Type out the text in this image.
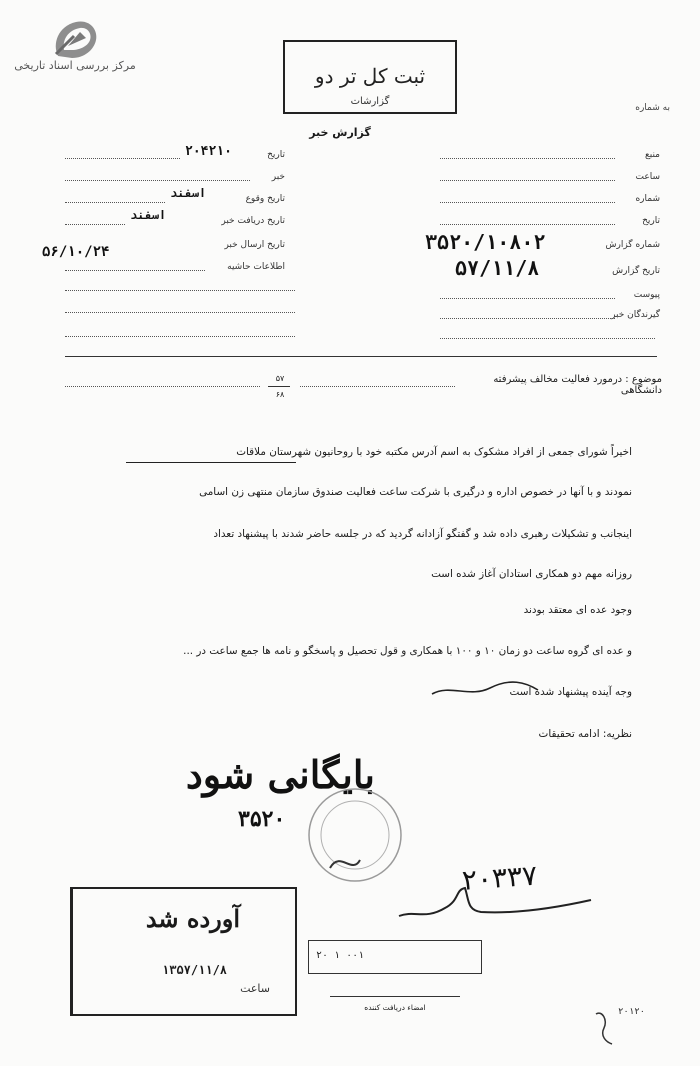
مرکز بررسی اسناد تاریخی	ثبت کل تر دو
گزارشات
به شماره
گزارش خبر
منبع
ساعت
شماره
تاریخ
شماره گزارش
۳۵۲۰/۱۰۸۰۲
تاریخ گزارش
۵۷/۱۱/۸
پیوست
گیرندگان خبر
تاریخ
۲۰۴۲۱۰
خبر
تاریخ وقوع
اسفند
تاریخ دریافت خبر
اسفند
تاریخ ارسال خبر
۵۶/۱۰/۲۴
اطلاعات حاشیه
موضوع : درمورد فعالیت مخالف پیشرفته دانشگاهی
۵۷
۶۸
اخیراً شورای جمعی از افراد مشکوک به اسم آدرس مکتبه خود با روحانیون شهرستان ملاقات
نمودند و با آنها در خصوص اداره و درگیری با شرکت ساعت فعالیت صندوق سازمان منتهی زن اسامی
اینجانب و تشکیلات رهبری داده شد و گفتگو آزادانه گردید که در جلسه حاضر شدند با پیشنهاد تعداد
روزانه مهم دو همکاری استادان آغاز شده است
وجود عده ای معتقد بودند
و عده ای گروه ساعت دو زمان ۱۰ و ۱۰۰ با همکاری و قول تحصیل و پاسخگو و نامه ها جمع ساعت در ...
وجه آینده پیشنهاد شده است
نظریه: ادامه تحقیقات
بایگانی شود
۳۵۲۰
۲۰۳۳۷
آورده شد
۱۳۵۷/۱۱/۸
ساعت
۲۰ ۱ ۰۰۱
امضاء دریافت کننده	۲۰۱۲۰
